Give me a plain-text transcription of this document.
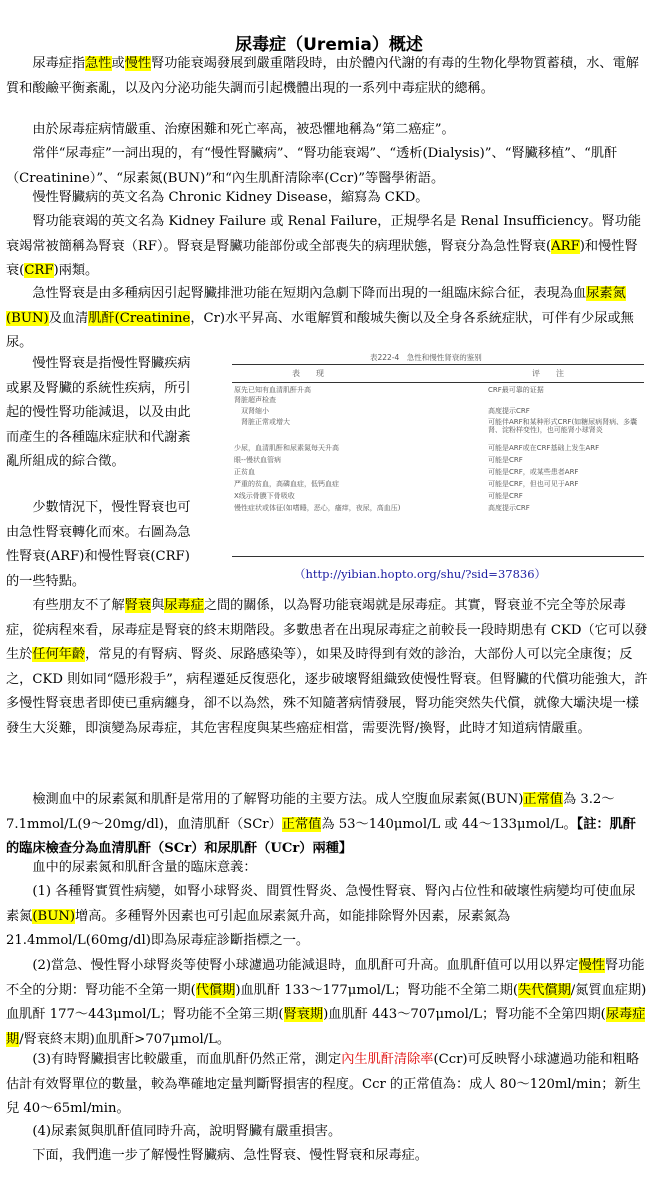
尿毒症（Uremia）概述

　　尿毒症指急性或慢性腎功能衰竭發展到嚴重階段時，由於體內代謝的有毒的生物化學物質蓄積，水、電解質和酸鹼平衡紊亂，以及內分泌功能失調而引起機體出現的一系列中毒症狀的總稱。

　　由於尿毒症病情嚴重、治療困難和死亡率高，被恐懼地稱為“第二癌症”。

　　常伴“尿毒症”一詞出現的，有“慢性腎臟病”、“腎功能衰竭”、“透析(Dialysis)”、“腎臟移植”、“肌酐（Creatinine）”、“尿素氮(BUN)”和“內生肌酐清除率(Ccr)”等醫學術語。

　　慢性腎臟病的英文名為 Chronic Kidney Disease，縮寫為 CKD。

　　腎功能衰竭的英文名為 Kidney Failure 或 Renal Failure，正規學名是 Renal Insufficiency。腎功能衰竭常被簡稱為腎衰（RF）。腎衰是腎臟功能部份或全部喪失的病理狀態，腎衰分為急性腎衰(ARF)和慢性腎衰(CRF)兩類。

　　急性腎衰是由多種病因引起腎臟排泄功能在短期內急劇下降而出現的一組臨床綜合征，表現為血尿素氮(BUN)及血清肌酐(Creatinine，Cr)水平昇高、水電解質和酸城失衡以及全身各系統症狀，可伴有少尿或無尿。

　　慢性腎衰是指慢性腎臟疾病或累及腎臟的系統性疾病，所引起的慢性腎功能減退，以及由此而產生的各種臨床症狀和代謝紊亂所組成的綜合徵。

　　少數情況下，慢性腎衰也可由急性腎衰轉化而來。右圖為急性腎衰(ARF)和慢性腎衰(CRF)的一些特點。

表222-4　急性和慢性肾衰的鉴别
表　　现	评　　注
原先已知有血清肌酐升高	CRF最可靠的证据
肾脏超声检查
　双肾缩小	高度提示CRF
　肾脏正常或增大	可能伴ARF和某种形式CRF(如糖尿病肾病、多囊肾、淀粉样变性)，也可能肾小球肾炎
少尿，血清肌酐和尿素氮每天升高	可能是ARF或在CRF基础上发生ARF
眼--慢状血管病	可能是CRF
正贫血	可能是CRF，或某些患者ARF
严重的贫血，高磷血症，低钙血症	可能是CRF，但也可见于ARF
X线示骨膜下骨吸收	可能是CRF
慢性症状或体征(如嗜睡，恶心，瘙痒，夜尿，高血压)	高度提示CRF
（http://yibian.hopto.org/shu/?sid=37836）

　　有些朋友不了解腎衰與尿毒症之間的關係，以為腎功能衰竭就是尿毒症。其實，腎衰並不完全等於尿毒症，從病程來看，尿毒症是腎衰的終末期階段。多數患者在出現尿毒症之前較長一段時期患有 CKD（它可以發生於任何年齡，常見的有腎病、腎炎、尿路感染等），如果及時得到有效的診治，大部份人可以完全康復；反之，CKD 則如同“隱形殺手”，病程遷延反復惡化，逐步破壞腎組織致使慢性腎衰。但腎臟的代償功能強大，許多慢性腎衰患者即使已重病纏身，卻不以為然，殊不知隨著病情發展，腎功能突然失代償，就像大壩決堤一樣發生大災難，即演變為尿毒症，其危害程度與某些癌症相當，需要洗腎/換腎，此時才知道病情嚴重。

　　檢測血中的尿素氮和肌酐是常用的了解腎功能的主要方法。成人空腹血尿素氮(BUN)正常值為 3.2～7.1mmol/L(9～20mg/dl)，血清肌酐（SCr）正常值為 53～140μmol/L 或 44～133μmol/L。【註：肌酐的臨床檢查分為血清肌酐（SCr）和尿肌酐（UCr）兩種】

　　血中的尿素氮和肌酐含量的臨床意義：

　　(1) 各種腎實質性病變，如腎小球腎炎、間質性腎炎、急慢性腎衰、腎內占位性和破壞性病變均可使血尿素氮(BUN)增高。多種腎外因素也可引起血尿素氮升高，如能排除腎外因素，尿素氮為 21.4mmol/L(60mg/dl)即為尿毒症診斷指標之一。

　　(2)當急、慢性腎小球腎炎等使腎小球濾過功能減退時，血肌酐可升高。血肌酐值可以用以界定慢性腎功能不全的分期：腎功能不全第一期(代償期)血肌酐 133～177μmol/L；腎功能不全第二期(失代償期/氮質血症期)血肌酐 177～443μmol/L；腎功能不全第三期(腎衰期)血肌酐 443～707μmol/L；腎功能不全第四期(尿毒症期/腎衰終末期)血肌酐>707μmol/L。

　　(3)有時腎臟損害比較嚴重，而血肌酐仍然正常，測定內生肌酐清除率(Ccr)可反映腎小球濾過功能和粗略估計有效腎單位的數量，較為準確地定量判斷腎損害的程度。Ccr 的正常值為：成人 80～120ml/min；新生兒 40～65ml/min。

　　(4)尿素氮與肌酐值同時升高，說明腎臟有嚴重損害。

　　下面，我們進一步了解慢性腎臟病、急性腎衰、慢性腎衰和尿毒症。
